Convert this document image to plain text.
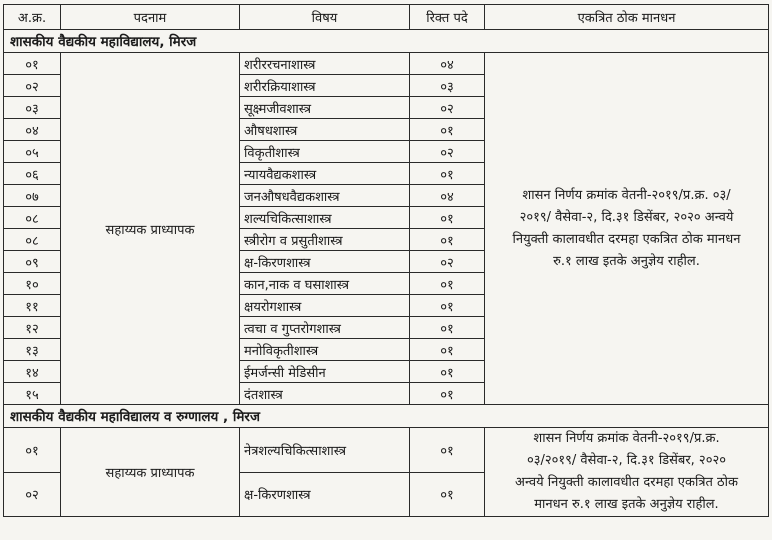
अ.क्र.	पदनाम	विषय	रिक्त पदे	एकत्रित ठोक मानधन
शासकीय वैद्यकीय महाविद्यालय, मिरज				
०१	सहाय्यक प्राध्यापक	शरीररचनाशास्त्र	०४	शासन निर्णय क्रमांक वेतनी-२०१९/प्र.क्र. ०३/
२०१९/ वैसेवा-२, दि.३१ डिसेंबर, २०२० अन्वये
नियुक्ती कालावधीत दरमहा एकत्रित ठोक मानधन
रु.१ लाख इतके अनुज्ञेय राहील.

०२		शरीरक्रियाशास्त्र	०३	
०३		सूक्ष्मजीवशास्त्र	०२	
०४		औषधशास्त्र	०१	
०५		विकृतीशास्त्र	०२	
०६		न्यायवैद्यकशास्त्र	०१	
०७		जनऔषधवैद्यकशास्त्र	०४	
०८		शल्यचिकित्साशास्त्र	०१	
०८		स्त्रीरोग व प्रसुतीशास्त्र	०१	
०९		क्ष-किरणशास्त्र	०२	
१०		कान,नाक व घसाशास्त्र	०१	
११		क्षयरोगशास्त्र	०१	
१२		त्वचा व गुप्तरोगशास्त्र	०१	
१३		मनोविकृतीशास्त्र	०१	
१४		ईमर्जन्सी मेडिसीन	०१	
१५		दंतशास्त्र	०१	
शासकीय वैद्यकीय महाविद्यालय व रुग्णालय , मिरज				
०१	सहाय्यक प्राध्यापक	नेत्रशल्यचिकित्साशास्त्र	०१	शासन निर्णय क्रमांक वेतनी-२०१९/प्र.क्र.
०३/२०१९/ वैसेवा-२, दि.३१ डिसेंबर, २०२०
अन्वये नियुक्ती कालावधीत दरमहा एकत्रित ठोक
मानधन रु.१ लाख इतके अनुज्ञेय राहील.

०२		क्ष-किरणशास्त्र	०१	
